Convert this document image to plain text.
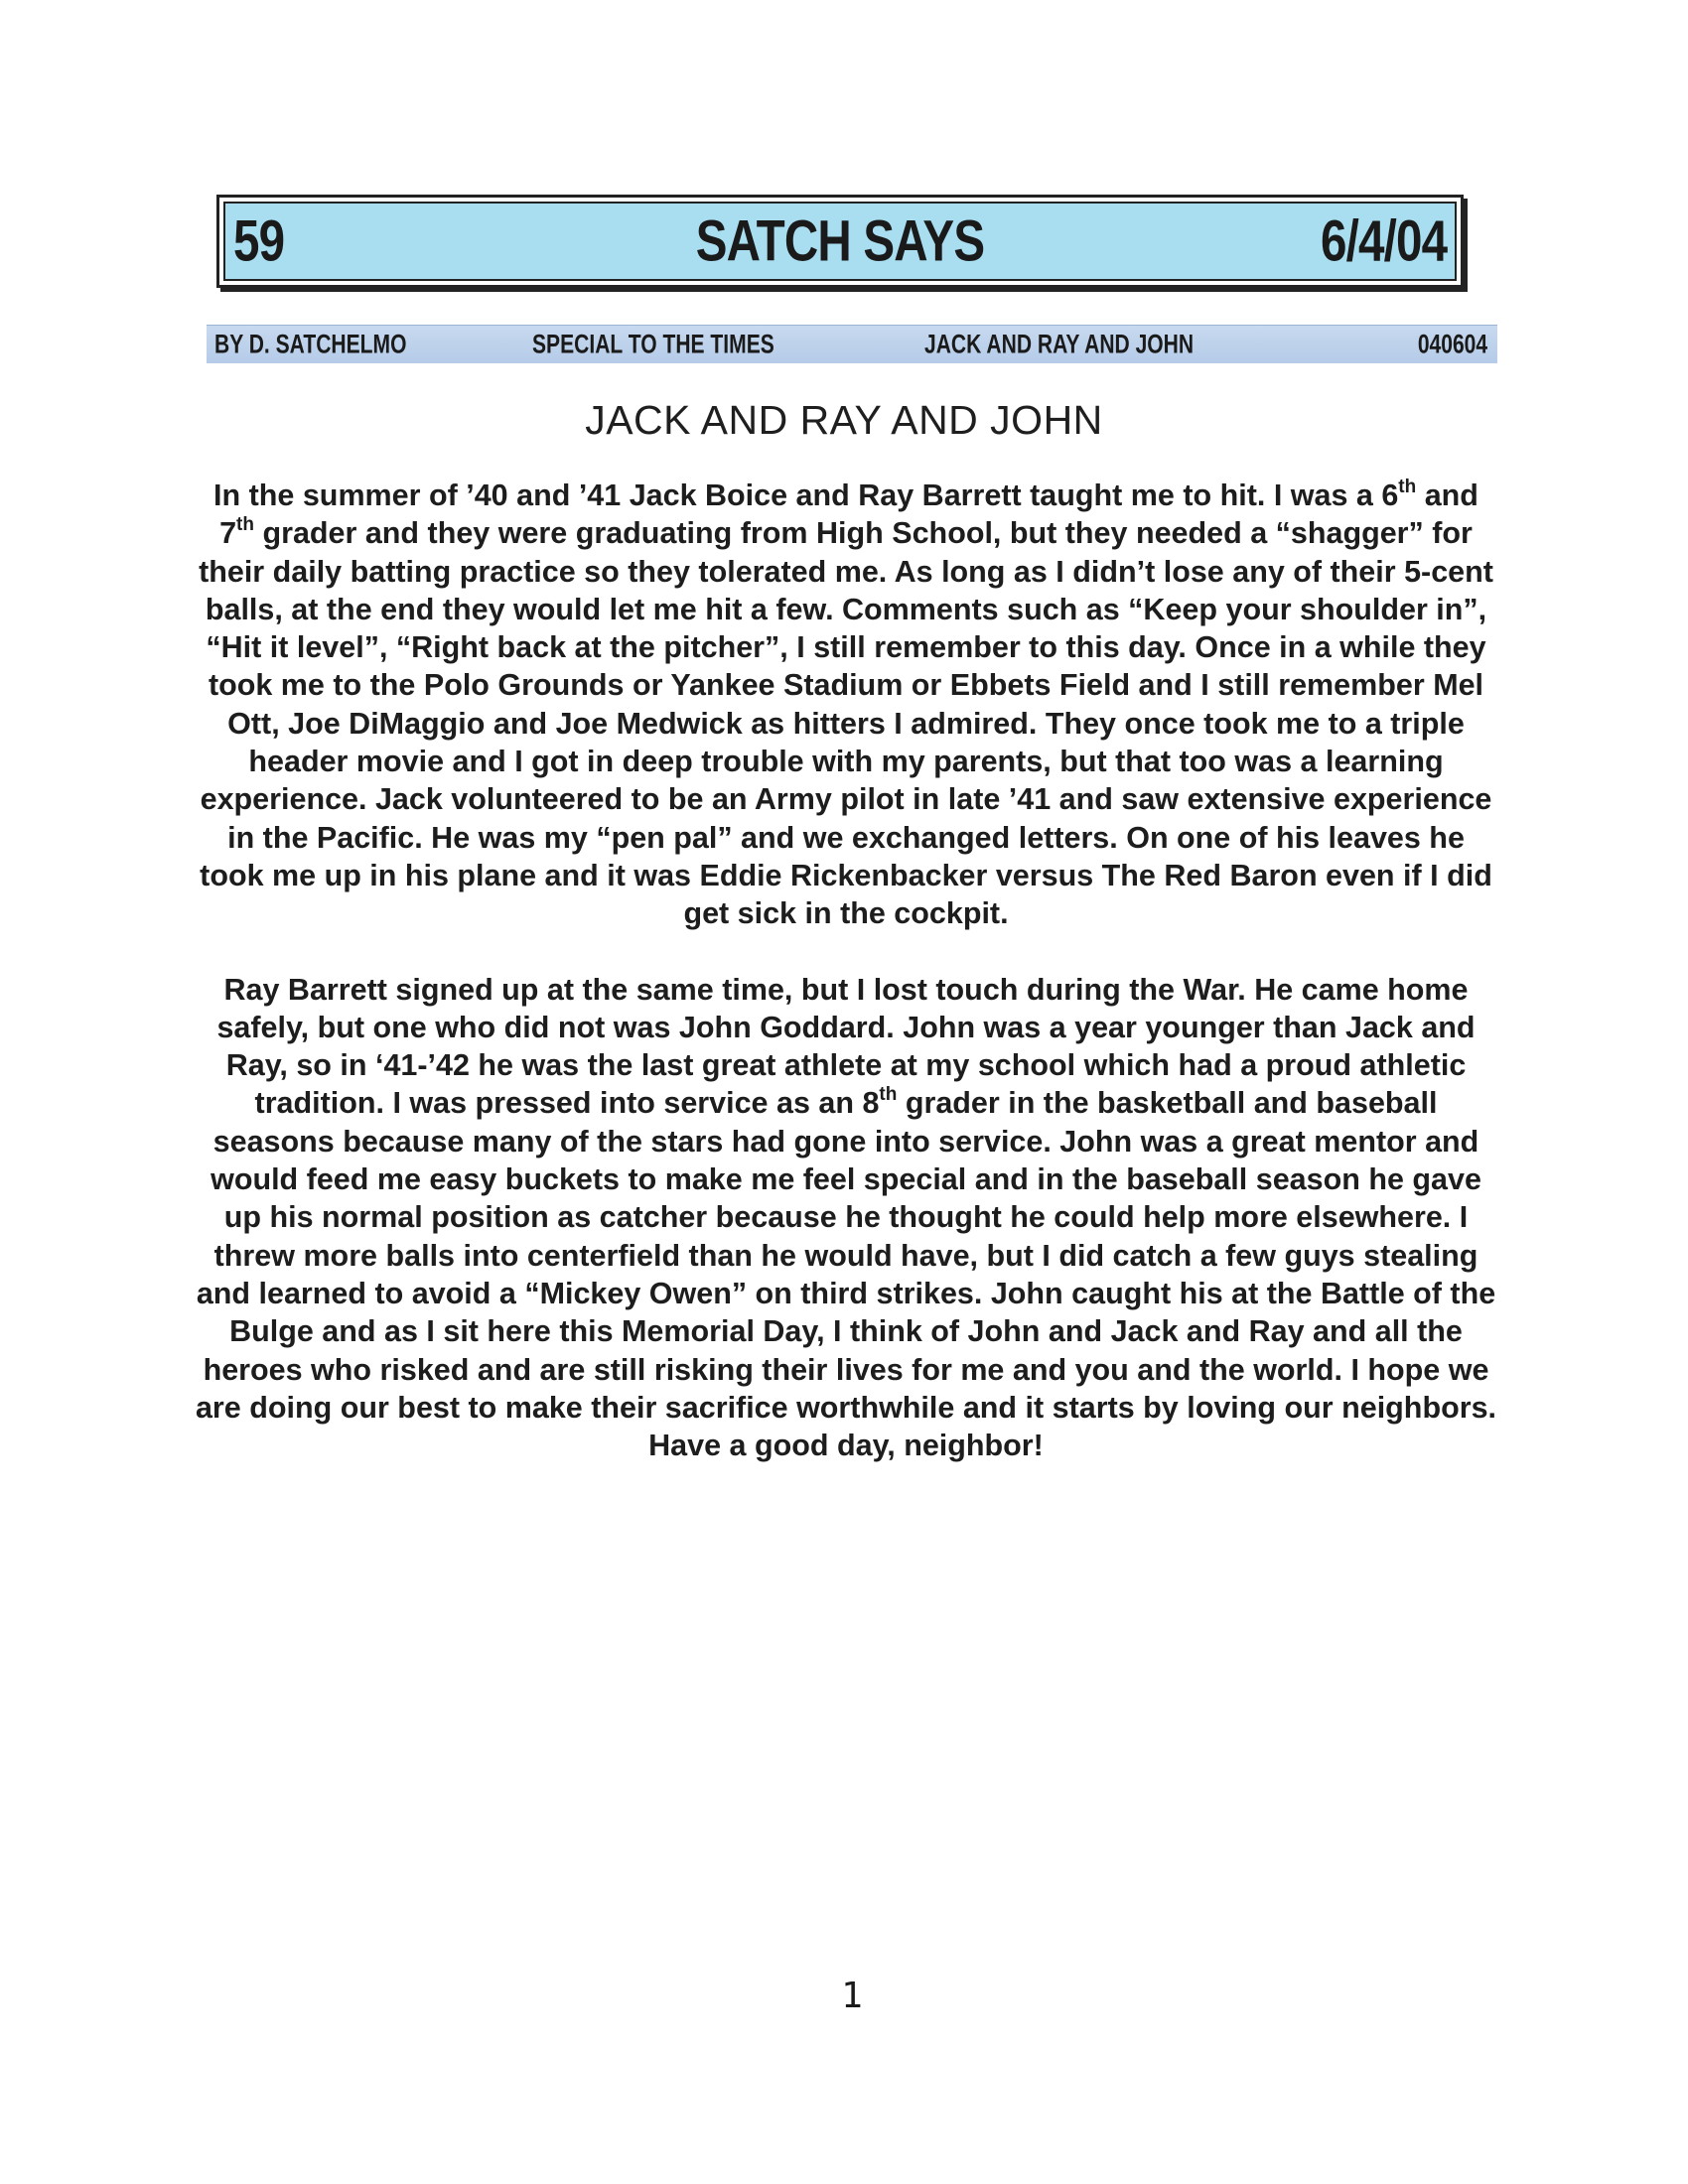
59	SATCH SAYS	6/4/04
BY D. SATCHELMO	SPECIAL TO THE TIMES	JACK AND RAY AND JOHN	040604
JACK AND RAY AND JOHN

In the summer of ’40 and ’41 Jack Boice and Ray Barrett taught me to hit. I was a 6th and 7th grader and they were graduating from High School, but they needed a “shagger” for their daily batting practice so they tolerated me. As long as I didn’t lose any of their 5-cent balls, at the end they would let me hit a few. Comments such as “Keep your shoulder in”, “Hit it level”, “Right back at the pitcher”, I still remember to this day. Once in a while they took me to the Polo Grounds or Yankee Stadium or Ebbets Field and I still remember Mel Ott, Joe DiMaggio and Joe Medwick as hitters I admired. They once took me to a triple header movie and I got in deep trouble with my parents, but that too was a learning experience. Jack volunteered to be an Army pilot in late ’41 and saw extensive experience in the Pacific. He was my “pen pal” and we exchanged letters. On one of his leaves he took me up in his plane and it was Eddie Rickenbacker versus The Red Baron even if I did get sick in the cockpit.

Ray Barrett signed up at the same time, but I lost touch during the War. He came home safely, but one who did not was John Goddard. John was a year younger than Jack and Ray, so in ‘41-’42 he was the last great athlete at my school which had a proud athletic tradition. I was pressed into service as an 8th grader in the basketball and baseball seasons because many of the stars had gone into service. John was a great mentor and would feed me easy buckets to make me feel special and in the baseball season he gave up his normal position as catcher because he thought he could help more elsewhere. I threw more balls into centerfield than he would have, but I did catch a few guys stealing and learned to avoid a “Mickey Owen” on third strikes. John caught his at the Battle of the Bulge and as I sit here this Memorial Day, I think of John and Jack and Ray and all the heroes who risked and are still risking their lives for me and you and the world. I hope we are doing our best to make their sacrifice worthwhile and it starts by loving our neighbors. Have a good day, neighbor!

1
